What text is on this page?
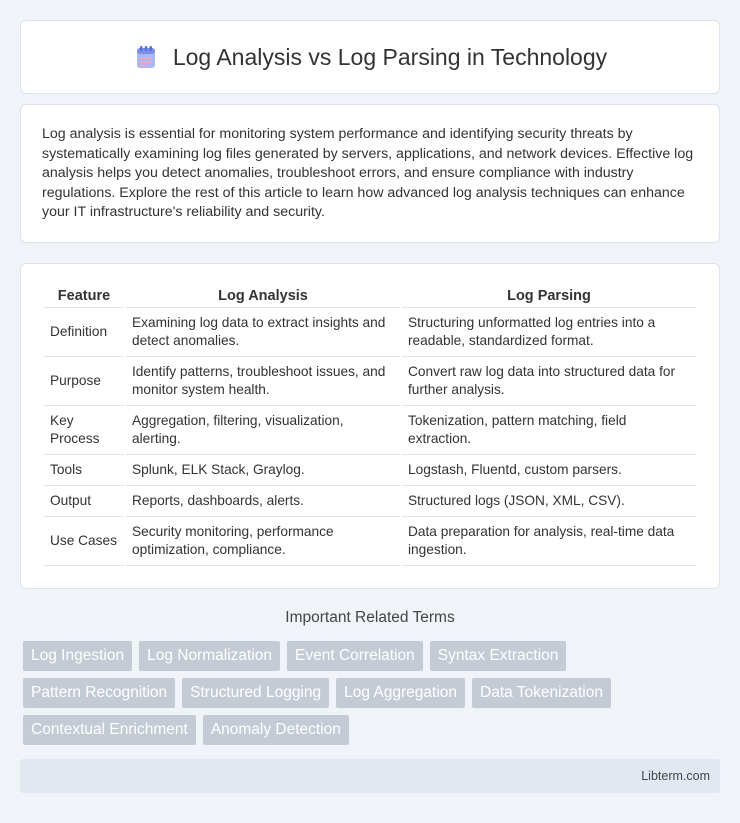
Log Analysis vs Log Parsing in Technology

Log analysis is essential for monitoring system performance and identifying security threats by systematically examining log files generated by servers, applications, and network devices. Effective log analysis helps you detect anomalies, troubleshoot errors, and ensure compliance with industry regulations. Explore the rest of this article to learn how advanced log analysis techniques can enhance your IT infrastructure's reliability and security.

Feature	Log Analysis	Log Parsing
Definition	Examining log data to extract insights and detect anomalies.	Structuring unformatted log entries into a readable, standardized format.
Purpose	Identify patterns, troubleshoot issues, and monitor system health.	Convert raw log data into structured data for further analysis.
Key Process	Aggregation, filtering, visualization, alerting.	Tokenization, pattern matching, field extraction.
Tools	Splunk, ELK Stack, Graylog.	Logstash, Fluentd, custom parsers.
Output	Reports, dashboards, alerts.	Structured logs (JSON, XML, CSV).
Use Cases	Security monitoring, performance optimization, compliance.	Data preparation for analysis, real-time data ingestion.
Important Related Terms
Log Ingestion	Log Normalization	Event Correlation	Syntax Extraction
Pattern Recognition	Structured Logging	Log Aggregation	Data Tokenization
Contextual Enrichment	Anomaly Detection
Libterm.com
